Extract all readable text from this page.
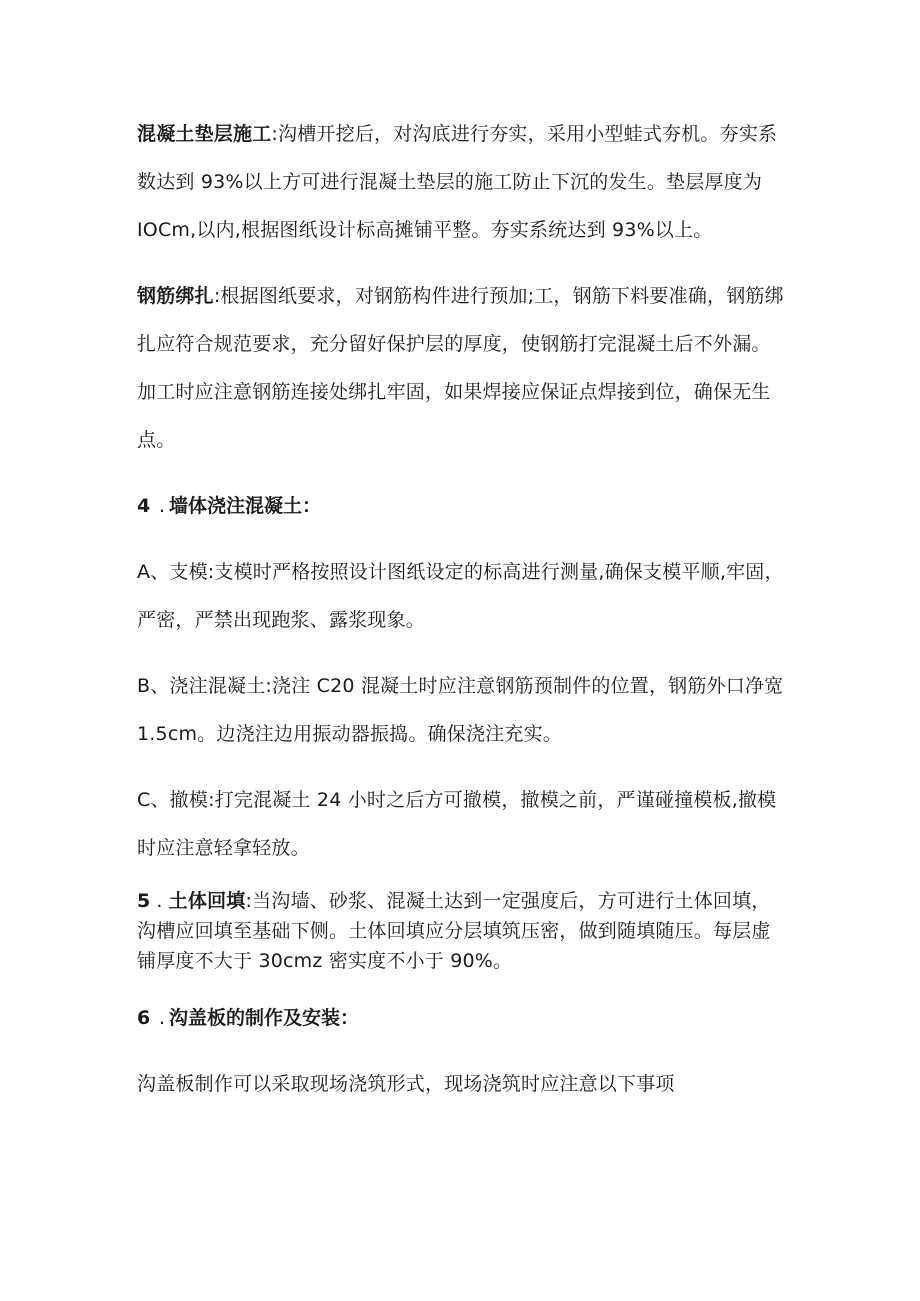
混凝土垫层施工:沟槽开挖后，对沟底进行夯实，采用小型蛙式夯机。夯实系数达到 93%以上方可进行混凝土垫层的施工防止下沉的发生。垫层厚度为 IOCm,以内,根据图纸设计标高摊铺平整。夯实系统达到 93%以上。

钢筋绑扎:根据图纸要求，对钢筋构件进行预加;工，钢筋下料要准确，钢筋绑扎应符合规范要求，充分留好保护层的厚度，使钢筋打完混凝土后不外漏。加工时应注意钢筋连接处绑扎牢固，如果焊接应保证点焊接到位，确保无生点。

4 . 墙体浇注混凝土：

A、支模:支模时严格按照设计图纸设定的标高进行测量,确保支模平顺,牢固，严密，严禁出现跑浆、露浆现象。

B、浇注混凝土:浇注 C20 混凝土时应注意钢筋预制件的位置，钢筋外口净宽 1.5cm。边浇注边用振动器振捣。确保浇注充实。

C、撤模:打完混凝土 24 小时之后方可撤模，撤模之前，严谨碰撞模板,撤模时应注意轻拿轻放。

5 . 土体回填:当沟墙、砂浆、混凝土达到一定强度后，方可进行土体回填，沟槽应回填至基础下侧。土体回填应分层填筑压密，做到随填随压。每层虚铺厚度不大于 30cmz 密实度不小于 90%。

6 . 沟盖板的制作及安装：

沟盖板制作可以采取现场浇筑形式，现场浇筑时应注意以下事项
